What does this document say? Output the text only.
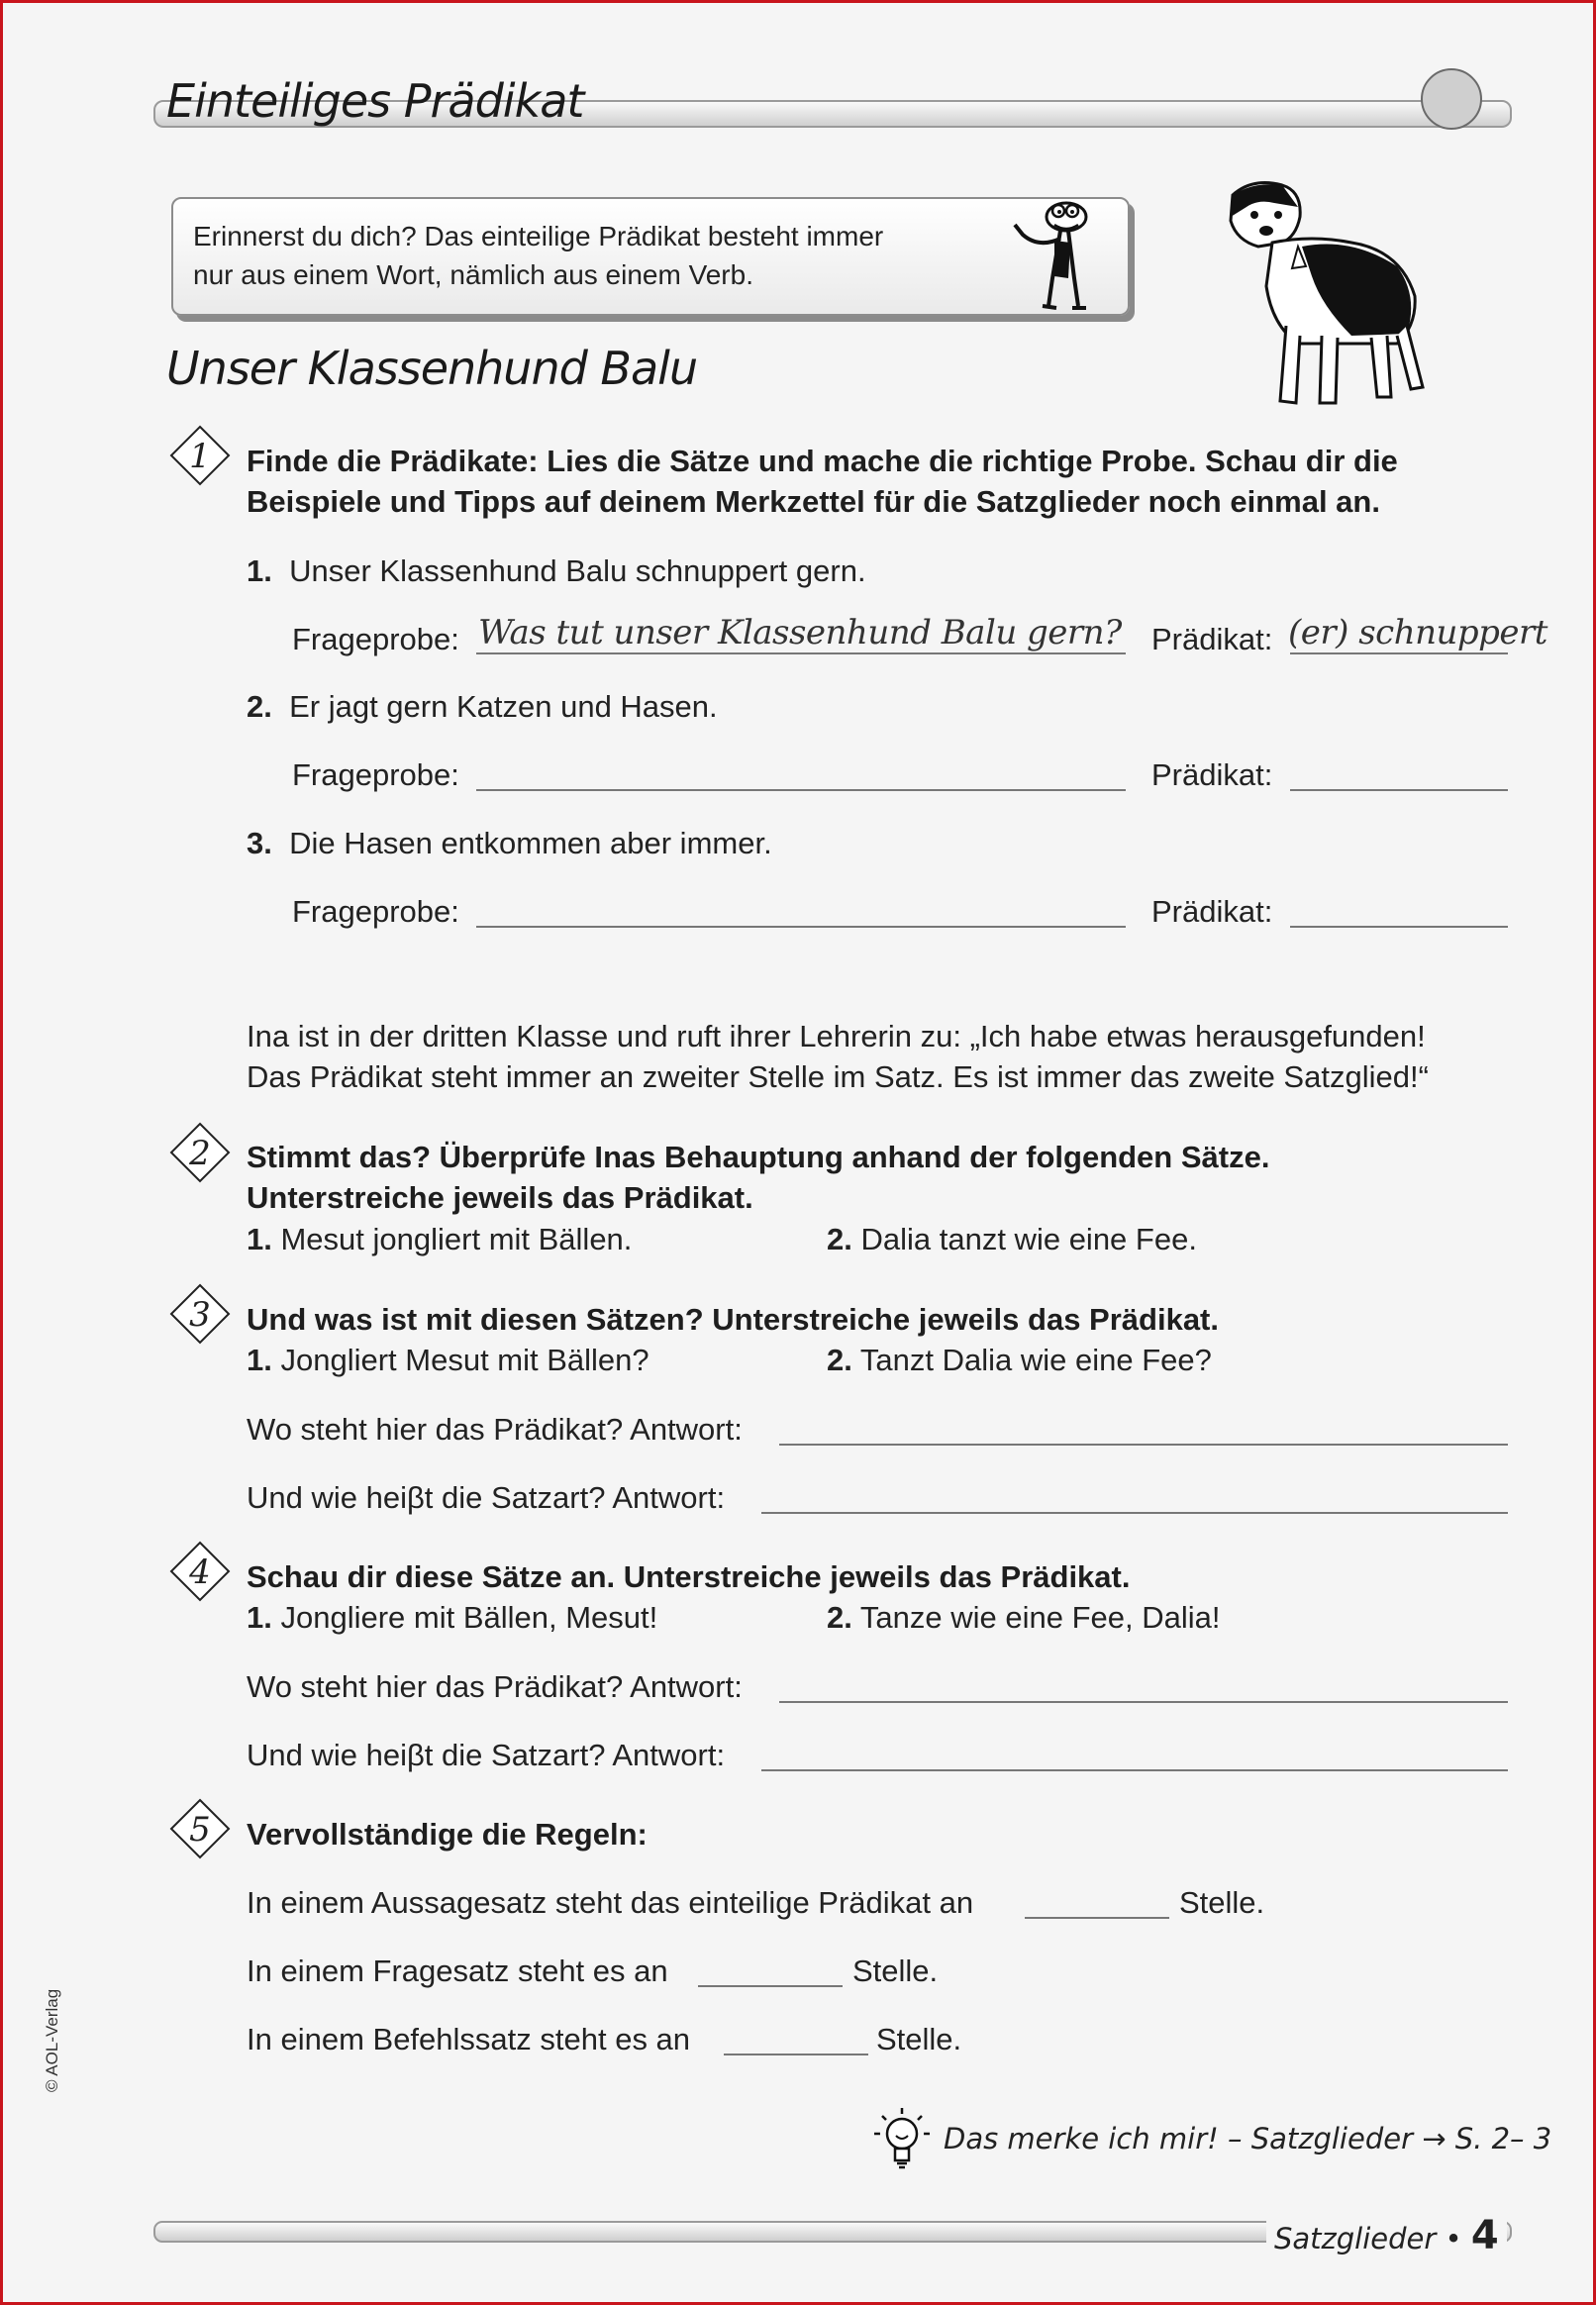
Einteiliges Prädikat
Erinnerst du dich? Das einteilige Prädikat besteht immer
nur aus einem Wort, nämlich aus einem Verb.
Unser Klassenhund Balu
1 Finde die Prädikate: Lies die Sätze und mache die richtige Probe. Schau dir die
Beispiele und Tipps auf deinem Merkzettel für die Satzglieder noch einmal an.
1. Unser Klassenhund Balu schnuppert gern.
Frageprobe: Was tut unser Klassenhund Balu gern? Prädikat: (er) schnuppert
2. Er jagt gern Katzen und Hasen.
Frageprobe:	Prädikat:
3. Die Hasen entkommen aber immer.
Frageprobe:	Prädikat:
Ina ist in der dritten Klasse und ruft ihrer Lehrerin zu: „Ich habe etwas herausgefunden!
Das Prädikat steht immer an zweiter Stelle im Satz. Es ist immer das zweite Satzglied!“
2 Stimmt das? Überprüfe Inas Behauptung anhand der folgenden Sätze.
Unterstreiche jeweils das Prädikat.
1. Mesut jongliert mit Bällen.	2. Dalia tanzt wie eine Fee.
3 Und was ist mit diesen Sätzen? Unterstreiche jeweils das Prädikat.
1. Jongliert Mesut mit Bällen?	2. Tanzt Dalia wie eine Fee?
Wo steht hier das Prädikat? Antwort:
Und wie heiβt die Satzart? Antwort:
4 Schau dir diese Sätze an. Unterstreiche jeweils das Prädikat.
1. Jongliere mit Bällen, Mesut!	2. Tanze wie eine Fee, Dalia!
Wo steht hier das Prädikat? Antwort:
Und wie heiβt die Satzart? Antwort:
5 Vervollständige die Regeln:
In einem Aussagesatz steht das einteilige Prädikat an	Stelle.
In einem Fragesatz steht es an	Stelle.
In einem Befehlssatz steht es an	Stelle.
Das merke ich mir! – Satzglieder → S. 2– 3
Satzglieder • 4
© AOL-Verlag
